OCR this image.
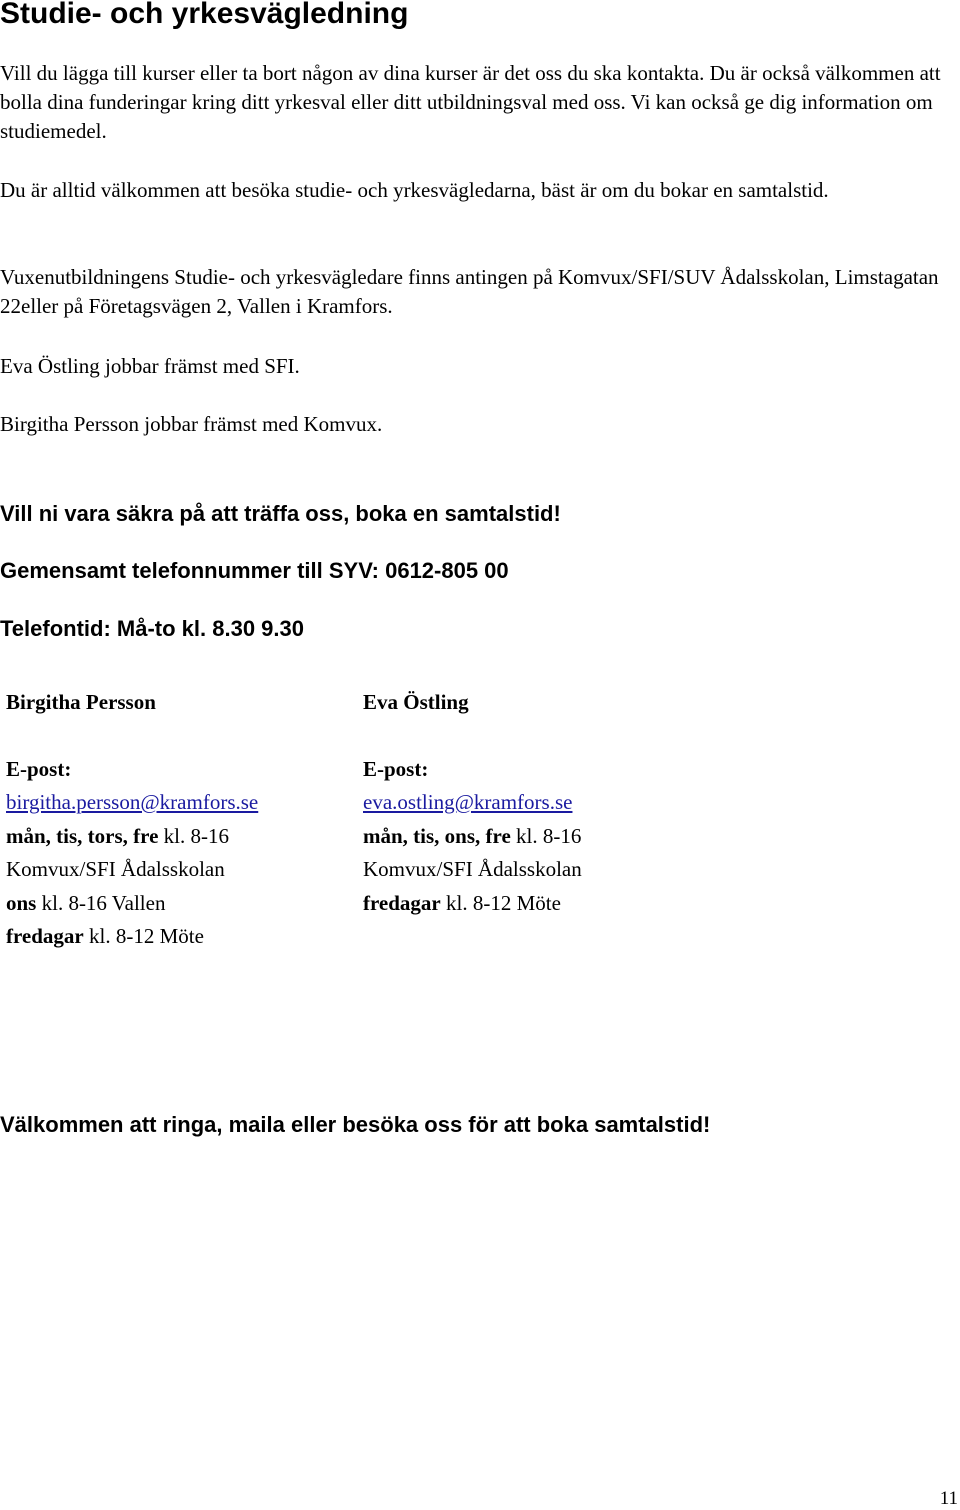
Studie- och yrkesvägledning

Vill du lägga till kurser eller ta bort någon av dina kurser är det oss du ska kontakta. Du är också välkommen att bolla dina funderingar kring ditt yrkesval eller ditt utbildningsval med oss. Vi kan också ge dig information om studiemedel.

Du är alltid välkommen att besöka studie- och yrkesvägledarna, bäst är om du bokar en samtalstid.

Vuxenutbildningens Studie- och yrkesvägledare finns antingen på Komvux/SFI/SUV Ådalsskolan, Limstagatan 22eller på Företagsvägen 2, Vallen i Kramfors.

Eva Östling jobbar främst med SFI.

Birgitha Persson jobbar främst med Komvux.

Vill ni vara säkra på att träffa oss, boka en samtalstid!

Gemensamt telefonnummer till SYV: 0612-805 00

Telefontid: Må-to kl. 8.30 9.30

Birgitha Persson
E-post:
birgitha.persson@kramfors.se
mån, tis, tors, fre kl. 8-16
Komvux/SFI Ådalsskolan
ons kl. 8-16 Vallen
fredagar kl. 8-12 Möte
Eva Östling
E-post:
eva.ostling@kramfors.se
mån, tis, ons, fre kl. 8-16
Komvux/SFI Ådalsskolan
fredagar kl. 8-12 Möte

Välkommen att ringa, maila eller besöka oss för att boka samtalstid!

11
